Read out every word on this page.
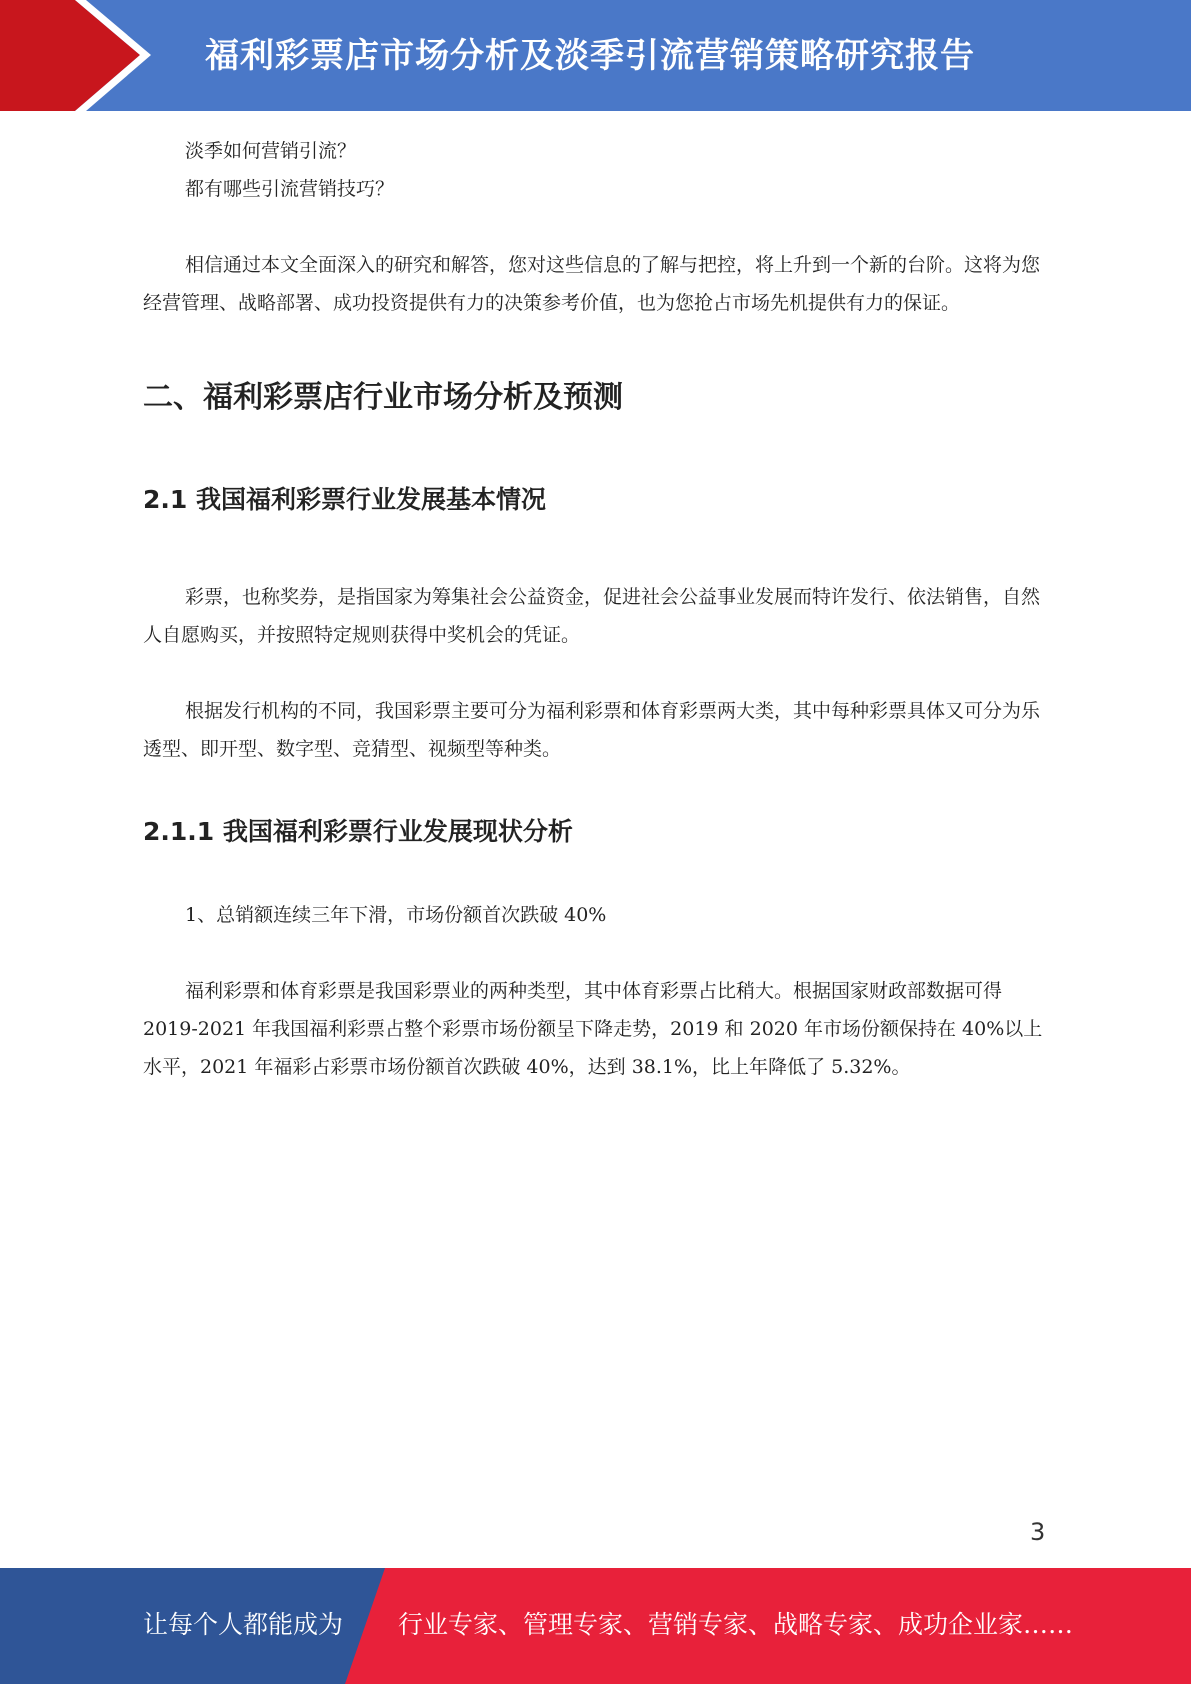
福利彩票店市场分析及淡季引流营销策略研究报告

淡季如何营销引流？

都有哪些引流营销技巧？

相信通过本文全面深入的研究和解答，您对这些信息的了解与把控，将上升到一个新的台阶。这将为您经营管理、战略部署、成功投资提供有力的决策参考价值，也为您抢占市场先机提供有力的保证。

二、福利彩票店行业市场分析及预测
2.1 我国福利彩票行业发展基本情况

彩票，也称奖券，是指国家为筹集社会公益资金，促进社会公益事业发展而特许发行、依法销售，自然人自愿购买，并按照特定规则获得中奖机会的凭证。

根据发行机构的不同，我国彩票主要可分为福利彩票和体育彩票两大类，其中每种彩票具体又可分为乐透型、即开型、数字型、竞猜型、视频型等种类。

2.1.1 我国福利彩票行业发展现状分析

1、总销额连续三年下滑，市场份额首次跌破 40%

福利彩票和体育彩票是我国彩票业的两种类型，其中体育彩票占比稍大。根据国家财政部数据可得 2019-2021 年我国福利彩票占整个彩票市场份额呈下降走势，2019 和 2020 年市场份额保持在 40%以上水平，2021 年福彩占彩票市场份额首次跌破 40%，达到 38.1%，比上年降低了 5.32%。

3
让每个人都能成为 行业专家、管理专家、营销专家、战略专家、成功企业家……
